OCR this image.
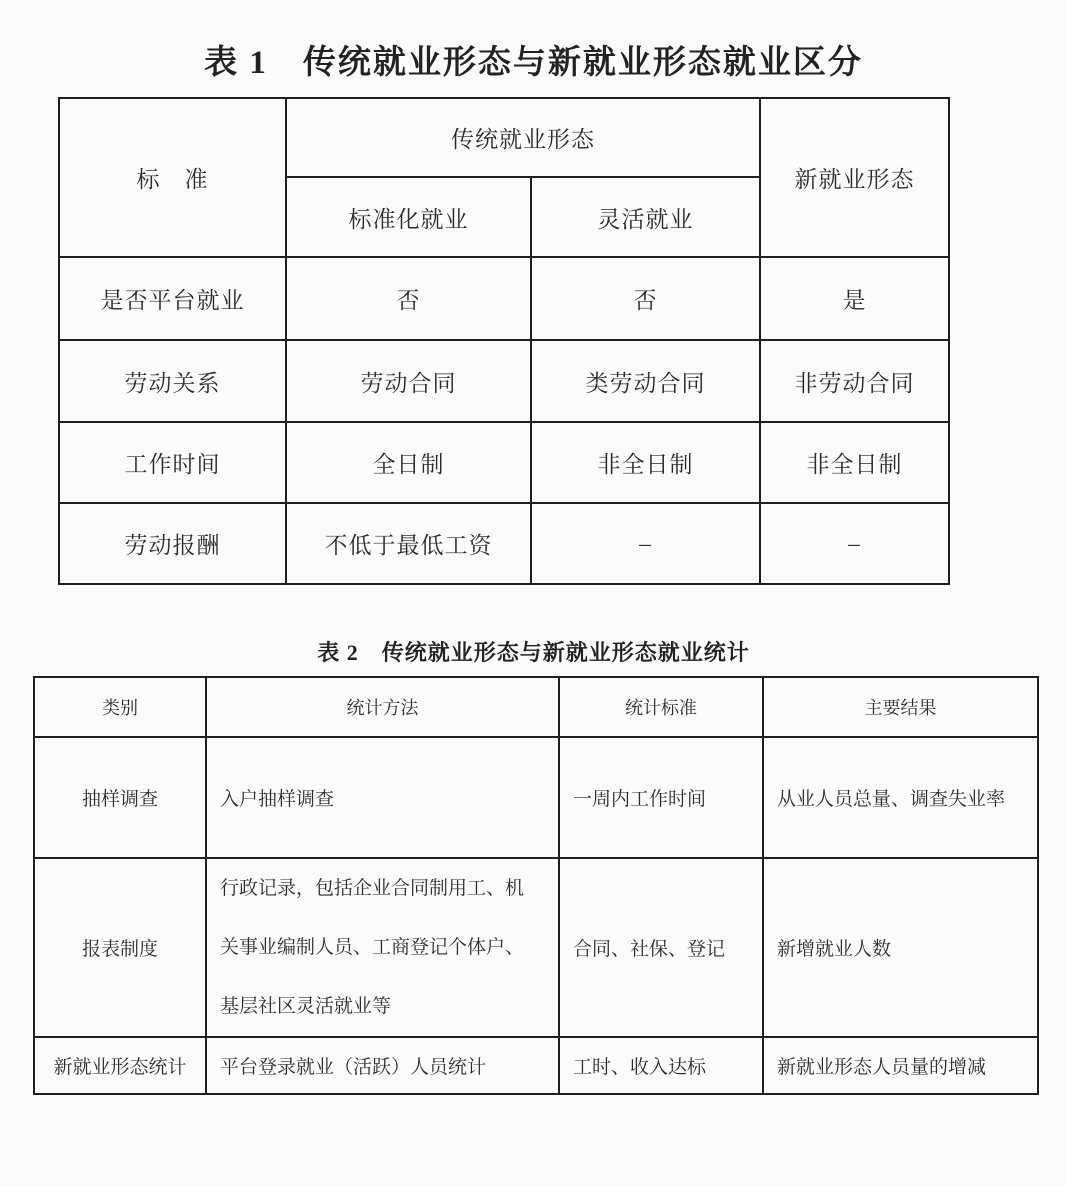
表 1　传统就业形态与新就业形态就业区分
标　准	传统就业形态		新就业形态
	标准化就业	灵活就业	
是否平台就业	否	否	是
劳动关系	劳动合同	类劳动合同	非劳动合同
工作时间	全日制	非全日制	非全日制
劳动报酬	不低于最低工资	–	–
表 2　传统就业形态与新就业形态就业统计
类别	统计方法	统计标准	主要结果
抽样调查	入户抽样调查	一周内工作时间	从业人员总量、调查失业率
报表制度	行政记录，包括企业合同制用工、机关事业编制人员、工商登记个体户、基层社区灵活就业等	合同、社保、登记	新增就业人数
新就业形态统计	平台登录就业（活跃）人员统计	工时、收入达标	新就业形态人员量的增减
